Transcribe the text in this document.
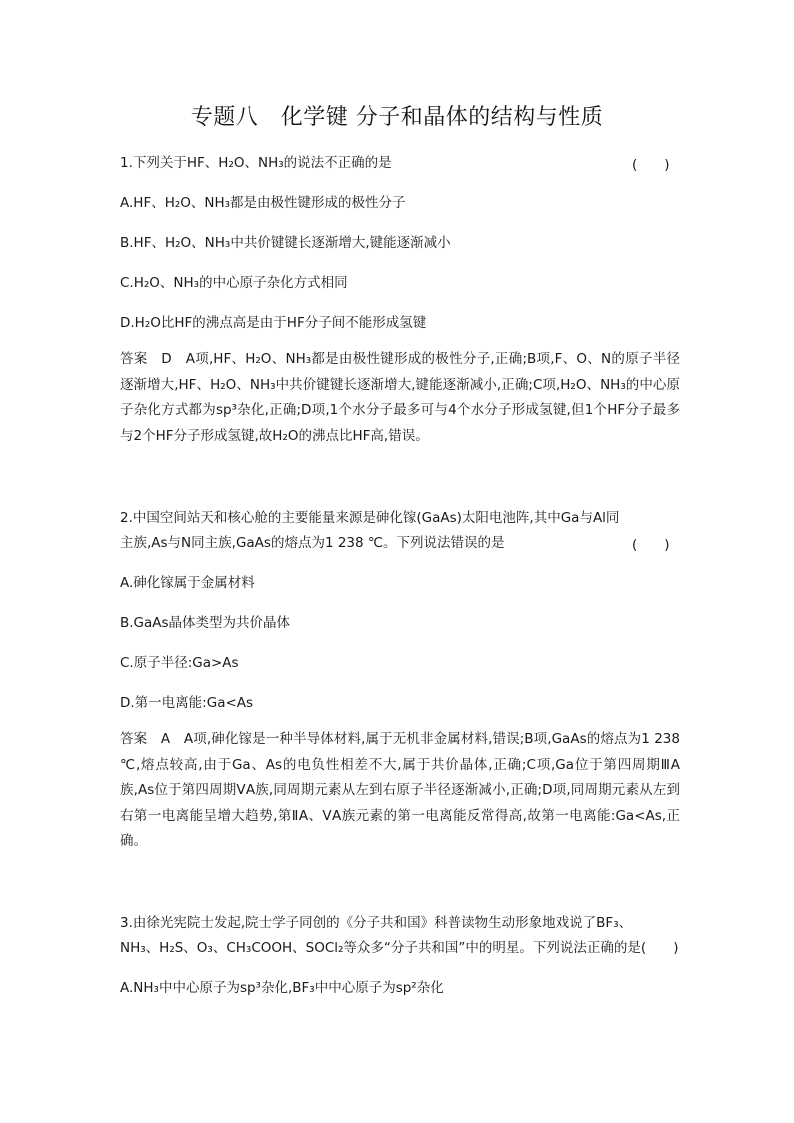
专题八　化学键 分子和晶体的结构与性质
1.下列关于HF、H₂O、NH₃的说法不正确的是	(　　)
A.HF、H₂O、NH₃都是由极性键形成的极性分子
B.HF、H₂O、NH₃中共价键键长逐渐增大,键能逐渐减小
C.H₂O、NH₃的中心原子杂化方式相同
D.H₂O比HF的沸点高是由于HF分子间不能形成氢键
答案　D　A项,HF、H₂O、NH₃都是由极性键形成的极性分子,正确;B项,F、O、N的原子半径逐渐增大,HF、H₂O、NH₃中共价键键长逐渐增大,键能逐渐减小,正确;C项,H₂O、NH₃的中心原子杂化方式都为sp³杂化,正确;D项,1个水分子最多可与4个水分子形成氢键,但1个HF分子最多与2个HF分子形成氢键,故H₂O的沸点比HF高,错误。
2.中国空间站天和核心舱的主要能量来源是砷化镓(GaAs)太阳电池阵,其中Ga与Al同
主族,As与N同主族,GaAs的熔点为1 238 ℃。下列说法错误的是	(　　)
A.砷化镓属于金属材料
B.GaAs晶体类型为共价晶体
C.原子半径:Ga>As
D.第一电离能:Ga<As
答案　A　A项,砷化镓是一种半导体材料,属于无机非金属材料,错误;B项,GaAs的熔点为1 238 ℃,熔点较高,由于Ga、As的电负性相差不大,属于共价晶体,正确;C项,Ga位于第四周期ⅢA族,As位于第四周期ⅤA族,同周期元素从左到右原子半径逐渐减小,正确;D项,同周期元素从左到右第一电离能呈增大趋势,第ⅡA、ⅤA族元素的第一电离能反常得高,故第一电离能:Ga<As,正确。
3.由徐光宪院士发起,院士学子同创的《分子共和国》科普读物生动形象地戏说了BF₃、
NH₃、H₂S、O₃、CH₃COOH、SOCl₂等众多“分子共和国”中的明星。下列说法正确的是(　　)
A.NH₃中中心原子为sp³杂化,BF₃中中心原子为sp²杂化
